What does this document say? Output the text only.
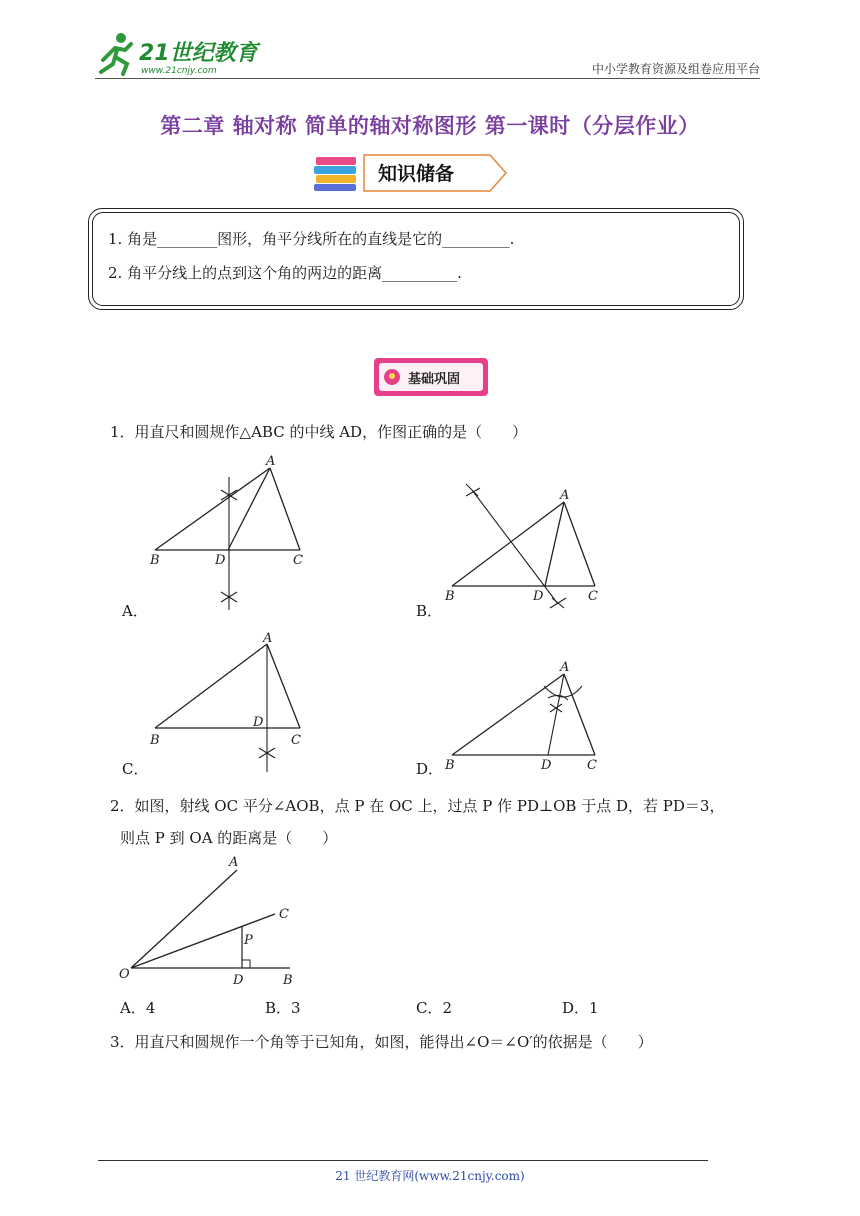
21世纪教育
www.21cnjy.com	中小学教育资源及组卷应用平台
第二章 轴对称 简单的轴对称图形 第一课时（分层作业）
知识储备
1. 角是________图形，角平分线所在的直线是它的_________.
2. 角平分线上的点到这个角的两边的距离__________.
基础巩固
1．用直尺和圆规作△ABC 的中线 AD，作图正确的是（　　）
A
B	D	C
A．
A
B	D	C
B．
A
B
D
C
C．
A
B	D	C
D．
2．如图，射线 OC 平分∠AOB，点 P 在 OC 上，过点 P 作 PD⊥OB 于点 D，若 PD＝3，
则点 P 到 OA 的距离是（　　）
A
C
P
O	D	B
A．4	B．3	C．2	D．1
3．用直尺和圆规作一个角等于已知角，如图，能得出∠O＝∠O′的依据是（　　）
21 世纪教育网(www.21cnjy.com)
